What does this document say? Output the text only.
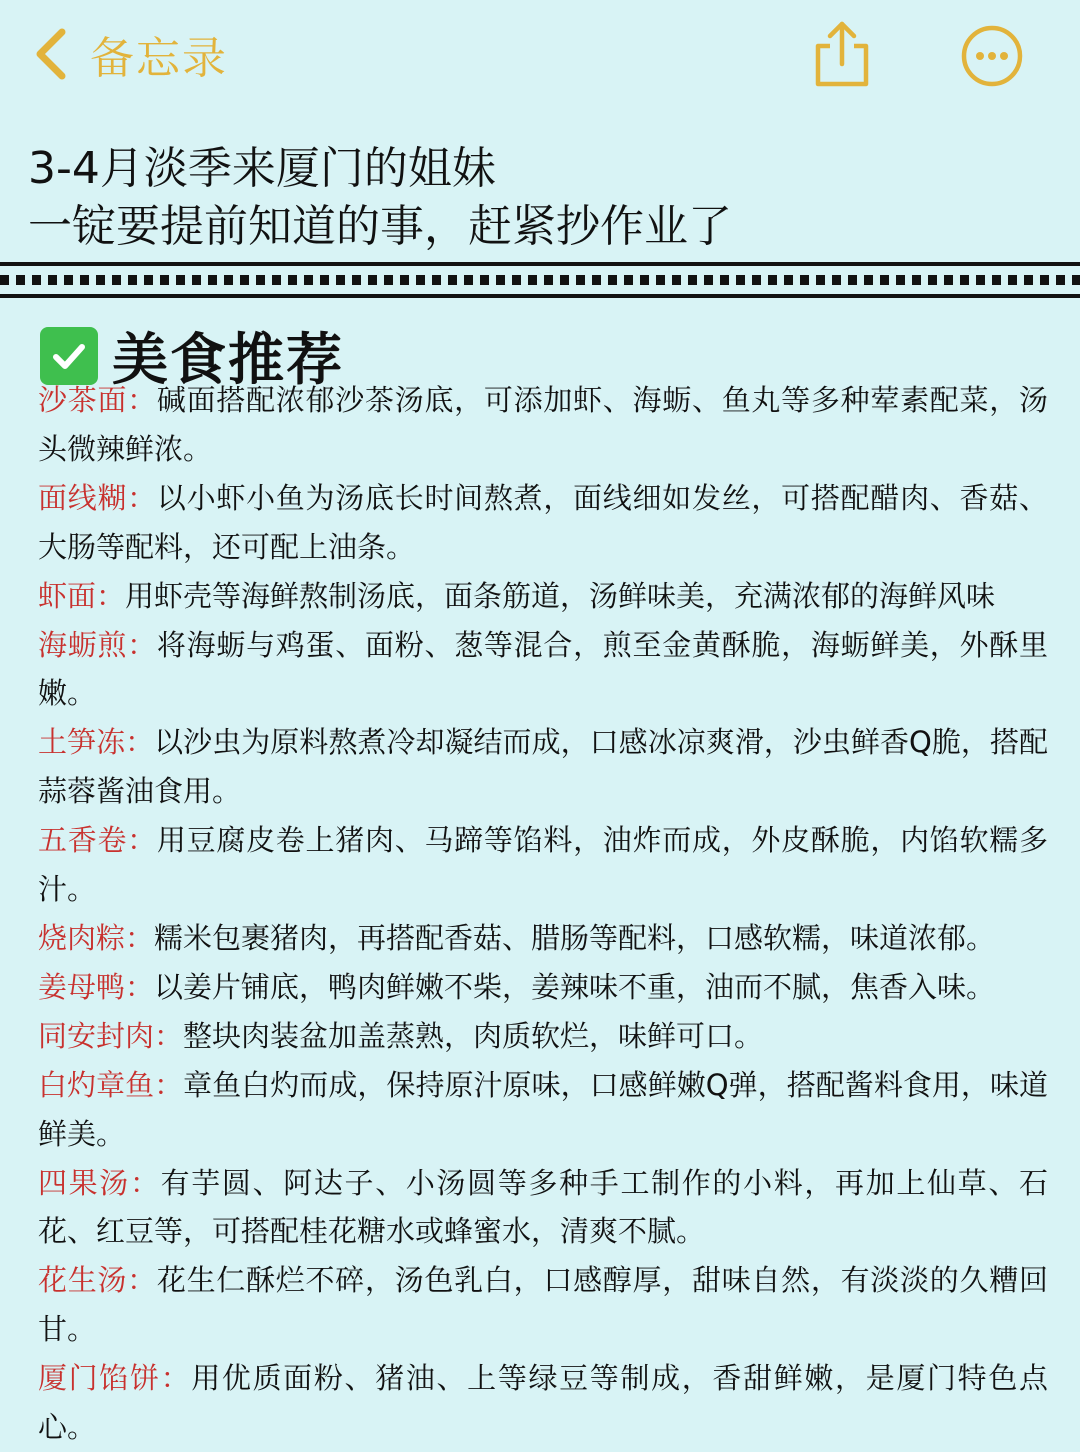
备忘录
3-4月淡季来厦门的姐妹
一锭要提前知道的事，赶紧抄作业了
美食推荐
沙茶面：碱面搭配浓郁沙茶汤底，可添加虾、海蛎、鱼丸等多种荤素配菜，汤头微辣鲜浓。
面线糊：以小虾小鱼为汤底长时间熬煮，面线细如发丝，可搭配醋肉、香菇、大肠等配料，还可配上油条。
虾面：用虾壳等海鲜熬制汤底，面条筋道，汤鲜味美，充满浓郁的海鲜风味
海蛎煎：将海蛎与鸡蛋、面粉、葱等混合，煎至金黄酥脆，海蛎鲜美，外酥里嫩。
土笋冻：以沙虫为原料熬煮冷却凝结而成，口感冰凉爽滑，沙虫鲜香Q脆，搭配蒜蓉酱油食用。
五香卷：用豆腐皮卷上猪肉、马蹄等馅料，油炸而成，外皮酥脆，内馅软糯多汁。
烧肉粽：糯米包裹猪肉，再搭配香菇、腊肠等配料，口感软糯，味道浓郁。
姜母鸭：以姜片铺底，鸭肉鲜嫩不柴，姜辣味不重，油而不腻，焦香入味。
同安封肉：整块肉装盆加盖蒸熟，肉质软烂，味鲜可口。
白灼章鱼：章鱼白灼而成，保持原汁原味，口感鲜嫩Q弹，搭配酱料食用，味道鲜美。
四果汤：有芋圆、阿达子、小汤圆等多种手工制作的小料，再加上仙草、石花、红豆等，可搭配桂花糖水或蜂蜜水，清爽不腻。
花生汤：花生仁酥烂不碎，汤色乳白，口感醇厚，甜味自然，有淡淡的久糟回甘。
厦门馅饼：用优质面粉、猪油、上等绿豆等制成，香甜鲜嫩，是厦门特色点心。
